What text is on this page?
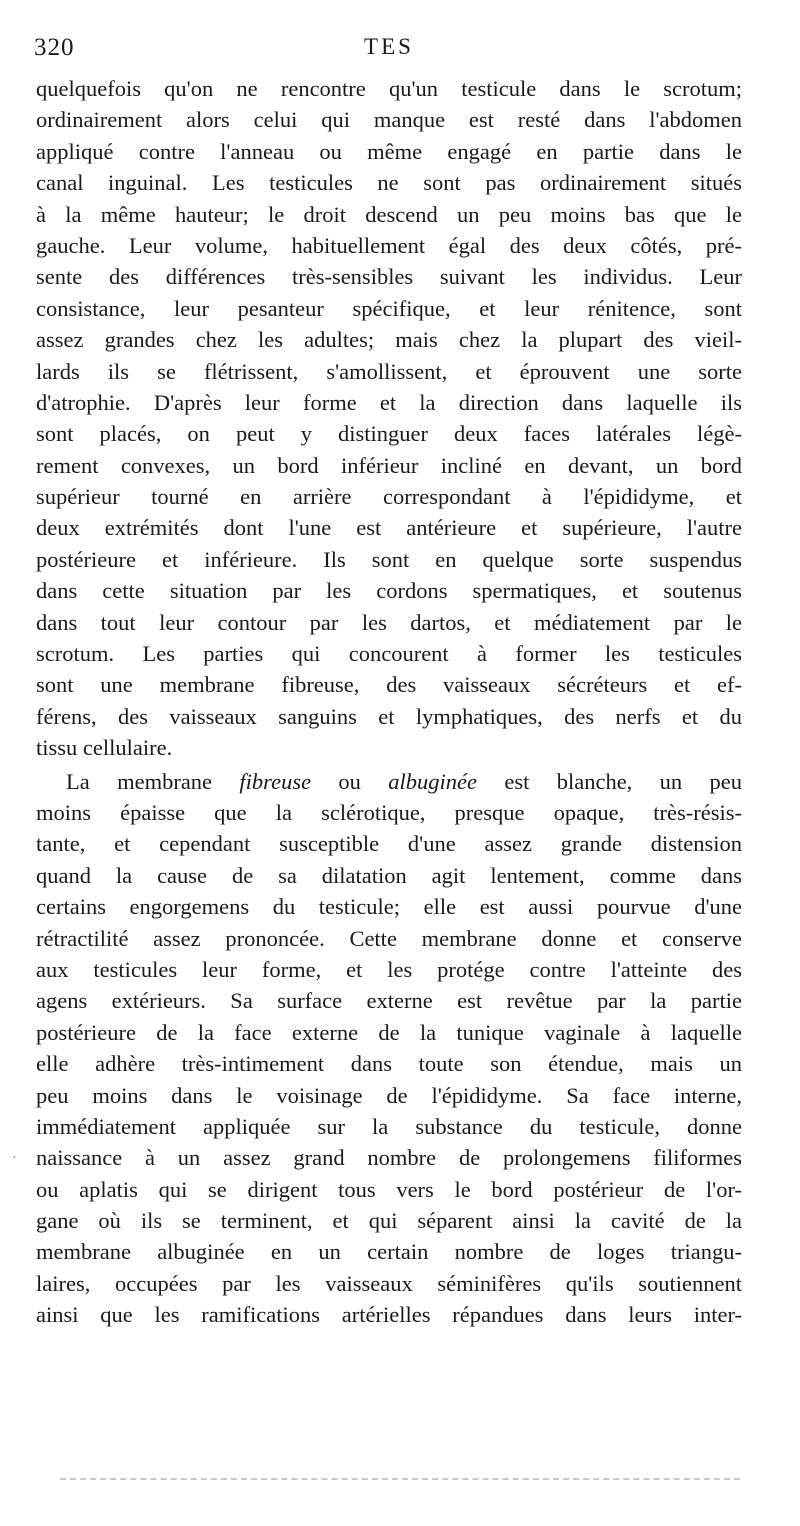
320	TES
quelquefois qu'on ne rencontre qu'un testicule dans le scrotum;
ordinairement alors celui qui manque est resté dans l'abdomen
appliqué contre l'anneau ou même engagé en partie dans le
canal inguinal. Les testicules ne sont pas ordinairement situés
à la même hauteur; le droit descend un peu moins bas que le
gauche. Leur volume, habituellement égal des deux côtés, pré-
sente des différences très-sensibles suivant les individus. Leur
consistance, leur pesanteur spécifique, et leur rénitence, sont
assez grandes chez les adultes; mais chez la plupart des vieil-
lards ils se flétrissent, s'amollissent, et éprouvent une sorte
d'atrophie. D'après leur forme et la direction dans laquelle ils
sont placés, on peut y distinguer deux faces latérales légè-
rement convexes, un bord inférieur incliné en devant, un bord
supérieur tourné en arrière correspondant à l'épididyme, et
deux extrémités dont l'une est antérieure et supérieure, l'autre
postérieure et inférieure. Ils sont en quelque sorte suspendus
dans cette situation par les cordons spermatiques, et soutenus
dans tout leur contour par les dartos, et médiatement par le
scrotum. Les parties qui concourent à former les testicules
sont une membrane fibreuse, des vaisseaux sécréteurs et ef-
férens, des vaisseaux sanguins et lymphatiques, des nerfs et du
tissu cellulaire.
La membrane fibreuse ou albuginée est blanche, un peu
moins épaisse que la sclérotique, presque opaque, très-résis-
tante, et cependant susceptible d'une assez grande distension
quand la cause de sa dilatation agit lentement, comme dans
certains engorgemens du testicule; elle est aussi pourvue d'une
rétractilité assez prononcée. Cette membrane donne et conserve
aux testicules leur forme, et les protége contre l'atteinte des
agens extérieurs. Sa surface externe est revêtue par la partie
postérieure de la face externe de la tunique vaginale à laquelle
elle adhère très-intimement dans toute son étendue, mais un
peu moins dans le voisinage de l'épididyme. Sa face interne,
immédiatement appliquée sur la substance du testicule, donne
naissance à un assez grand nombre de prolongemens filiformes
ou aplatis qui se dirigent tous vers le bord postérieur de l'or-
gane où ils se terminent, et qui séparent ainsi la cavité de la
membrane albuginée en un certain nombre de loges triangu-
laires, occupées par les vaisseaux séminifères qu'ils soutiennent
ainsi que les ramifications artérielles répandues dans leurs inter-
·
